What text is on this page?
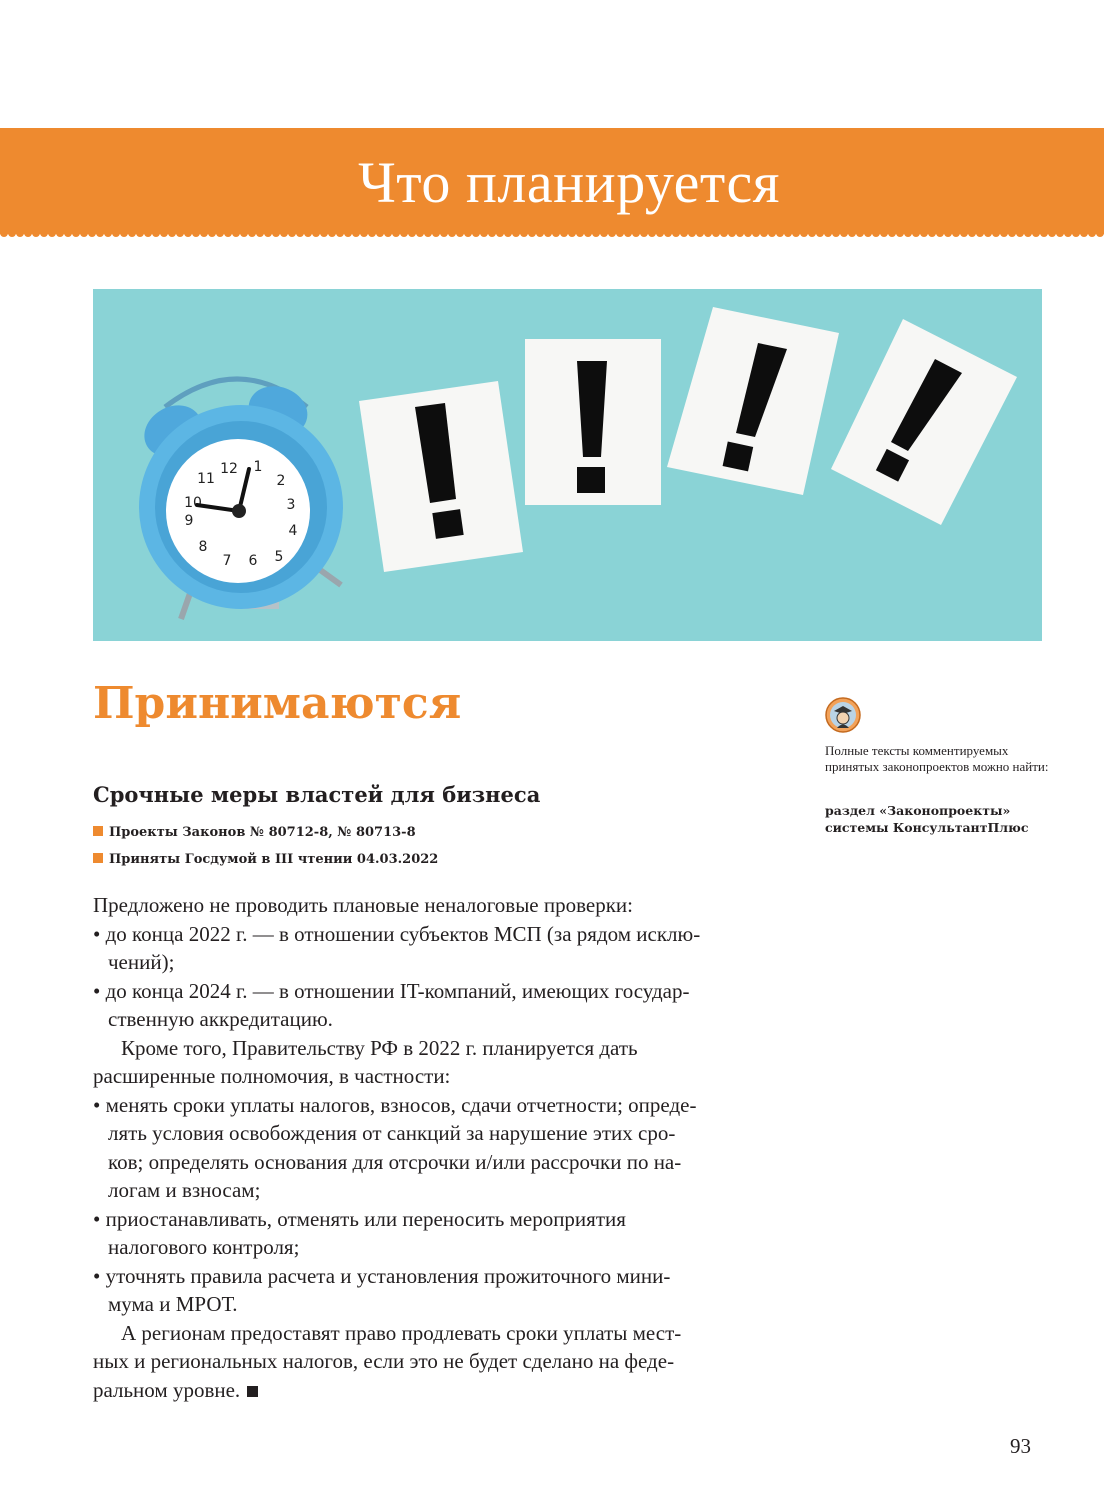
Что планируется
12 1
2
3
4
5
6
7
8
9
10
11
Принимаются
Срочные меры властей для бизнеса
Проекты Законов № 80712-8, № 80713-8
Приняты Госдумой в III чтении 04.03.2022
Предложено не проводить плановые неналоговые проверки:
• до конца 2022 г. — в отношении субъектов МСП (за рядом исклю-
чений);
• до конца 2024 г. — в отношении IT-компаний, имеющих государ-
ственную аккредитацию.
Кроме того, Правительству РФ в 2022 г. планируется дать
расширенные полномочия, в частности:
• менять сроки уплаты налогов, взносов, сдачи отчетности; опреде-
лять условия освобождения от санкций за нарушение этих сро-
ков; определять основания для отсрочки и/или рассрочки по на-
логам и взносам;
• приостанавливать, отменять или переносить мероприятия
налогового контроля;
• уточнять правила расчета и установления прожиточного мини-
мума и МРОТ.
А регионам предоставят право продлевать сроки уплаты мест-
ных и региональных налогов, если это не будет сделано на феде-
ральном уровне.
Полные тексты комментируемых принятых законопроектов можно найти:
раздел «Законопроекты» системы КонсультантПлюс
93
